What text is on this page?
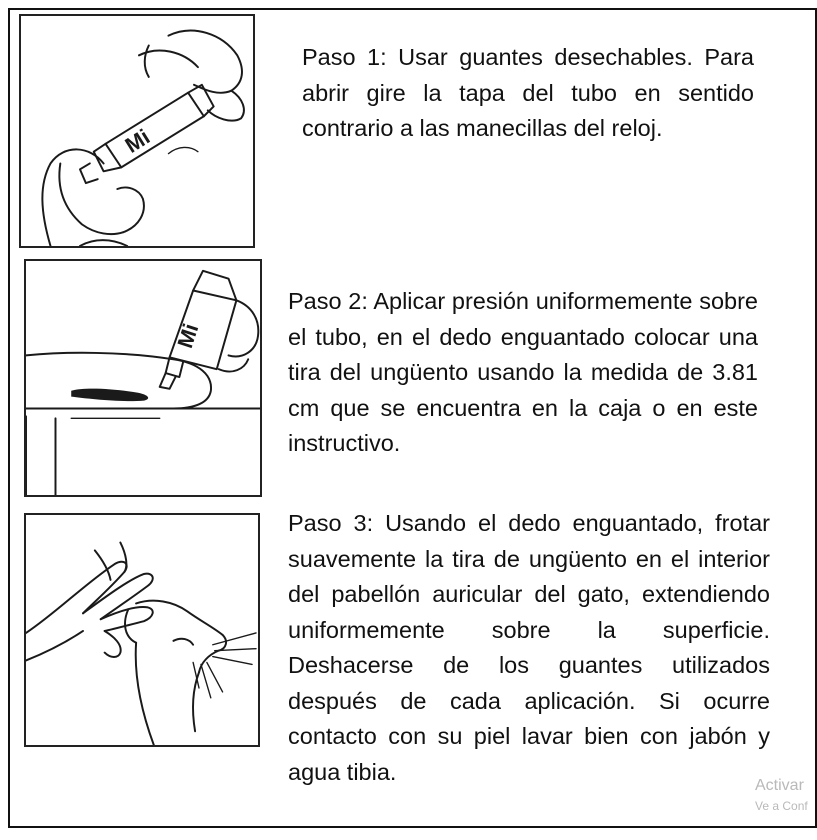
Mi

Paso 1: Usar guantes desechables. Para abrir gire la tapa del tubo en sentido contrario a las manecillas del reloj.

Mi

Paso 2: Aplicar presión uniformemente sobre el tubo, en el dedo enguantado colocar una tira del ungüento usando la medida de 3.81 cm que se encuentra en la caja o en este instructivo.

Paso 3: Usando el dedo enguantado, frotar suavemente la tira de ungüento en el interior del pabellón auricular del gato, extendiendo uniformemente sobre la superficie. Deshacerse de los guantes utilizados después de cada aplicación. Si ocurre contacto con su piel lavar bien con jabón y agua tibia.

Activar
Ve a Conf
